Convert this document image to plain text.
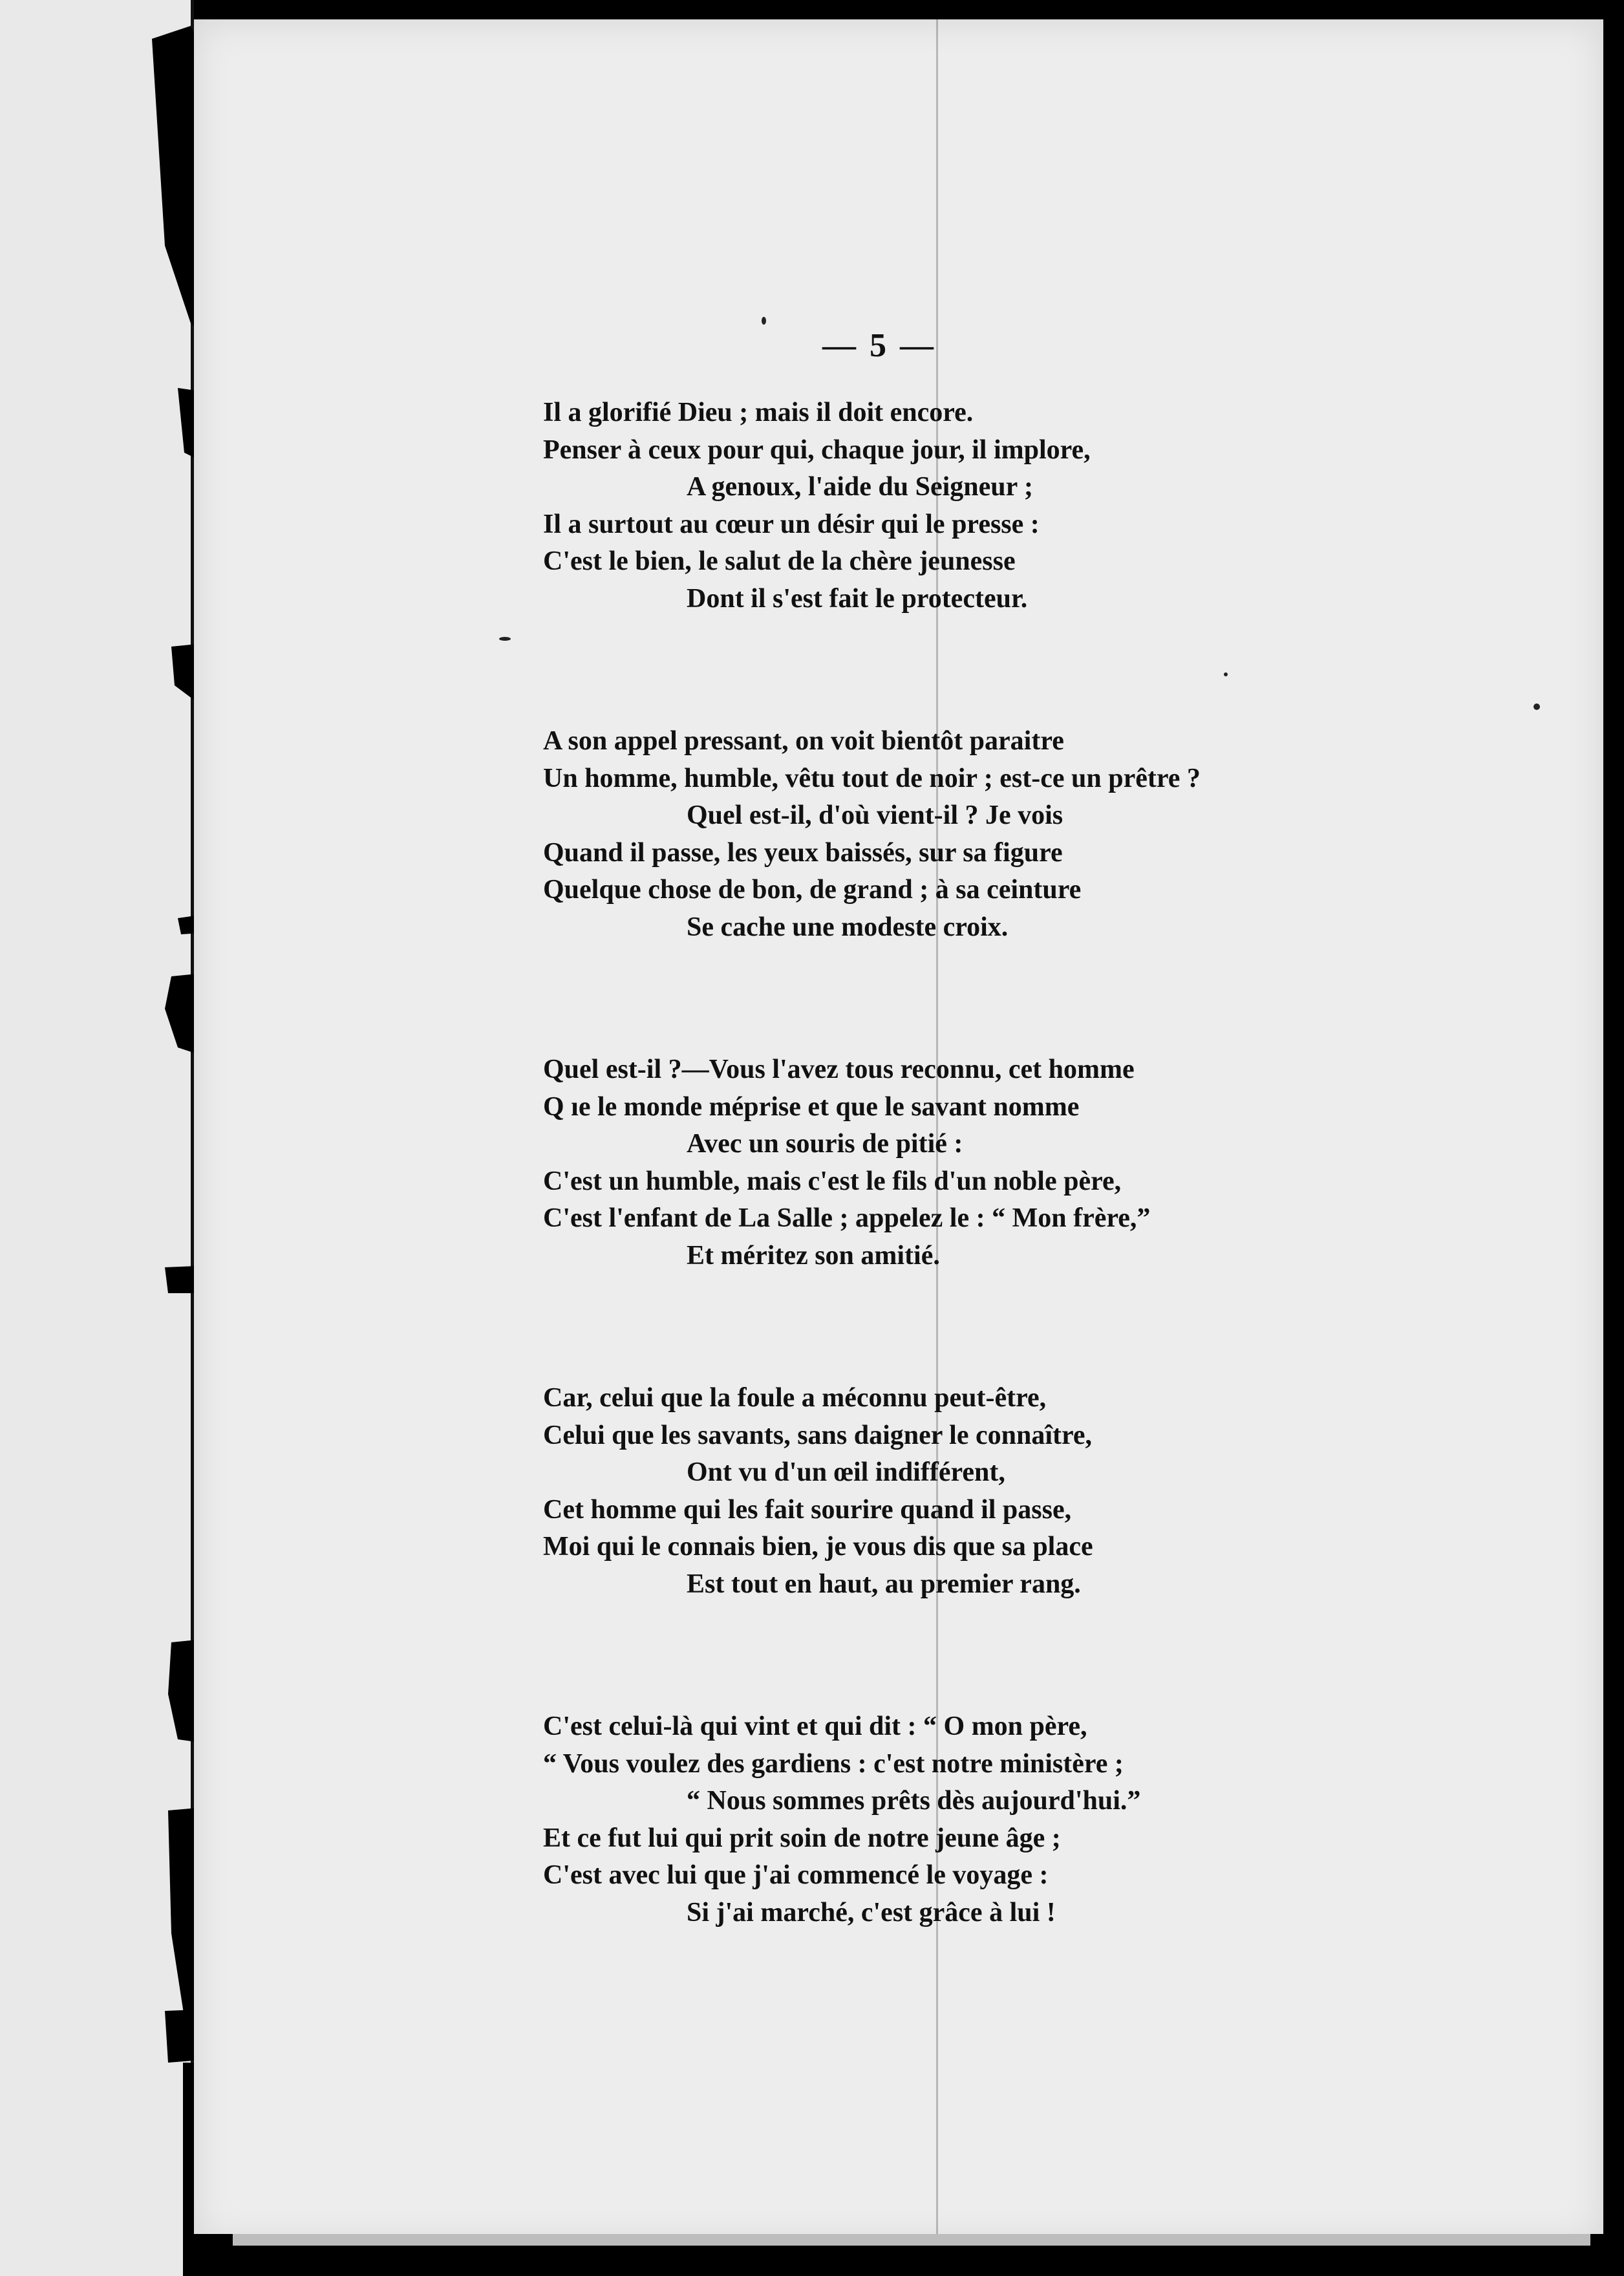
— 5 —
Il a glorifié Dieu ; mais il doit encore.
Penser à ceux pour qui, chaque jour, il implore,
A genoux, l'aide du Seigneur ;
Il a surtout au cœur un désir qui le presse :
C'est le bien, le salut de la chère jeunesse
Dont il s'est fait le protecteur.
A son appel pressant, on voit bientôt paraitre
Un homme, humble, vêtu tout de noir ; est-ce un prêtre ?
Quel est-il, d'où vient-il ? Je vois
Quand il passe, les yeux baissés, sur sa figure
Quelque chose de bon, de grand ; à sa ceinture
Se cache une modeste croix.
Quel est-il ?—Vous l'avez tous reconnu, cet homme
Q ıe le monde méprise et que le savant nomme
Avec un souris de pitié :
C'est un humble, mais c'est le fils d'un noble père,
C'est l'enfant de La Salle ; appelez le : “ Mon frère,”
Et méritez son amitié.
Car, celui que la foule a méconnu peut-être,
Celui que les savants, sans daigner le connaître,
Ont vu d'un œil indifférent,
Cet homme qui les fait sourire quand il passe,
Moi qui le connais bien, je vous dis que sa place
Est tout en haut, au premier rang.
C'est celui-là qui vint et qui dit : “ O mon père,
“ Vous voulez des gardiens : c'est notre ministère ;
“ Nous sommes prêts dès aujourd'hui.”
Et ce fut lui qui prit soin de notre jeune âge ;
C'est avec lui que j'ai commencé le voyage :
Si j'ai marché, c'est grâce à lui !
